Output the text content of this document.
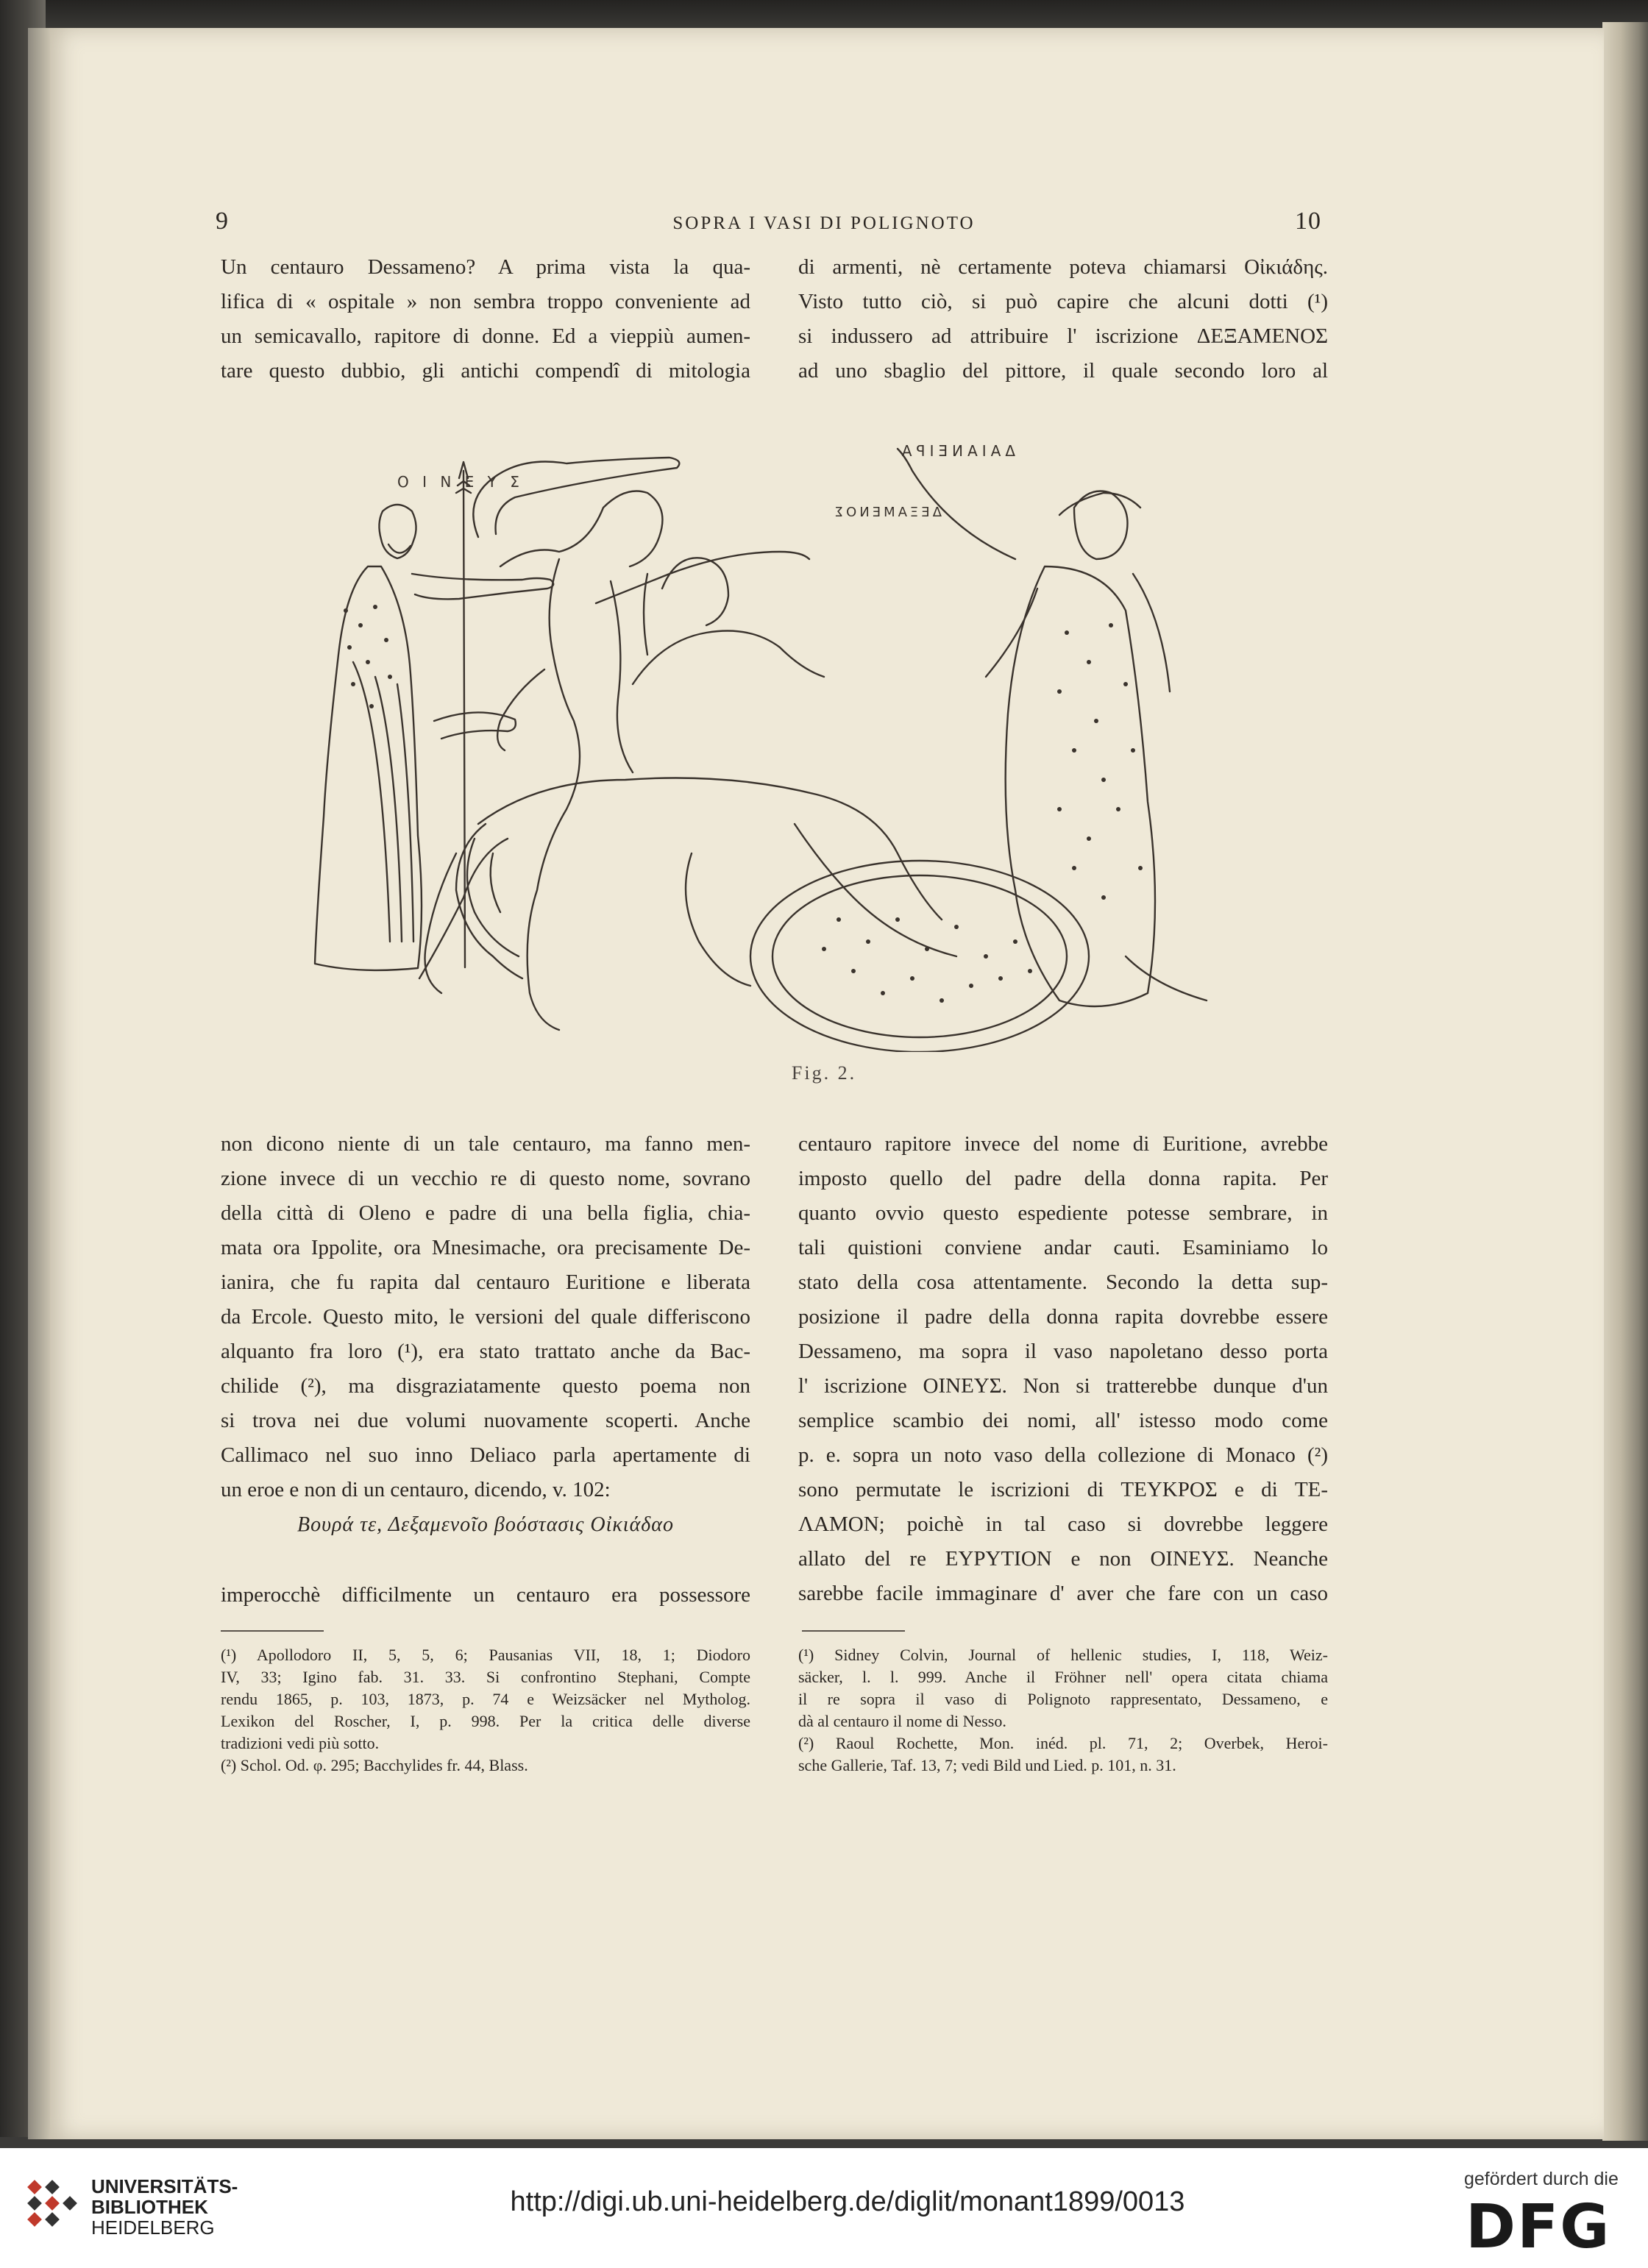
9	SOPRA I VASI DI POLIGNOTO	10
Un centauro Dessameno? A prima vista la qua-
lifica di « ospitale » non sembra troppo conveniente ad
un semicavallo, rapitore di donne. Ed a vieppiù aumen-
tare questo dubbio, gli antichi compendî di mitologia
di armenti, nè certamente poteva chiamarsi Οἰκιάδης.
Visto tutto ciò, si può capire che alcuni dotti (¹)
si indussero ad attribuire l' iscrizione ΔΕΞΑΜΕΝΟΣ
ad uno sbaglio del pittore, il quale secondo loro al
Ο Ι Ν Ε Υ Σ
ΔΑΙΑΝΕΙΡΑ
ΔΕΞΑΜΕΝΟΣ
Fig. 2.
non dicono niente di un tale centauro, ma fanno men-
zione invece di un vecchio re di questo nome, sovrano
della città di Oleno e padre di una bella figlia, chia-
mata ora Ippolite, ora Mnesimache, ora precisamente De-
ianira, che fu rapita dal centauro Euritione e liberata
da Ercole. Questo mito, le versioni del quale differiscono
alquanto fra loro (¹), era stato trattato anche da Bac-
chilide (²), ma disgraziatamente questo poema non
si trova nei due volumi nuovamente scoperti. Anche
Callimaco nel suo inno Deliaco parla apertamente di
un eroe e non di un centauro, dicendo, v. 102:
Βουρά τε, Δεξαμενοῖο βοόστασις Οἰκιάδαο
imperocchè difficilmente un centauro era possessore
centauro rapitore invece del nome di Euritione, avrebbe
imposto quello del padre della donna rapita. Per
quanto ovvio questo espediente potesse sembrare, in
tali quistioni conviene andar cauti. Esaminiamo lo
stato della cosa attentamente. Secondo la detta sup-
posizione il padre della donna rapita dovrebbe essere
Dessameno, ma sopra il vaso napoletano desso porta
l' iscrizione ΟΙΝΕΥΣ. Non si tratterebbe dunque d'un
semplice scambio dei nomi, all' istesso modo come
p. e. sopra un noto vaso della collezione di Monaco (²)
sono permutate le iscrizioni di ΤΕΥΚΡΟΣ e di ΤΕ-
ΛΑΜΟΝ; poichè in tal caso si dovrebbe leggere
allato del re ΕΥΡΥΤΙΟΝ e non ΟΙΝΕΥΣ. Neanche
sarebbe facile immaginare d' aver che fare con un caso
(¹) Apollodoro II, 5, 5, 6; Pausanias VII, 18, 1; Diodoro
IV, 33; Igino fab. 31. 33. Si confrontino Stephani, Compte
rendu 1865, p. 103, 1873, p. 74 e Weizsäcker nel Mytholog.
Lexikon del Roscher, I, p. 998. Per la critica delle diverse
tradizioni vedi più sotto.
(²) Schol. Od. φ. 295; Bacchylides fr. 44, Blass.
(¹) Sidney Colvin, Journal of hellenic studies, I, 118, Weiz-
säcker, l. l. 999. Anche il Fröhner nell' opera citata chiama
il re sopra il vaso di Polignoto rappresentato, Dessameno, e
dà al centauro il nome di Nesso.
(²) Raoul Rochette, Mon. inéd. pl. 71, 2; Overbek, Heroi-
sche Gallerie, Taf. 13, 7; vedi Bild und Lied. p. 101, n. 31.
UNIVERSITÄTS-
BIBLIOTHEK
HEIDELBERG
http://digi.ub.uni-heidelberg.de/diglit/monant1899/0013
gefördert durch die
DFG
